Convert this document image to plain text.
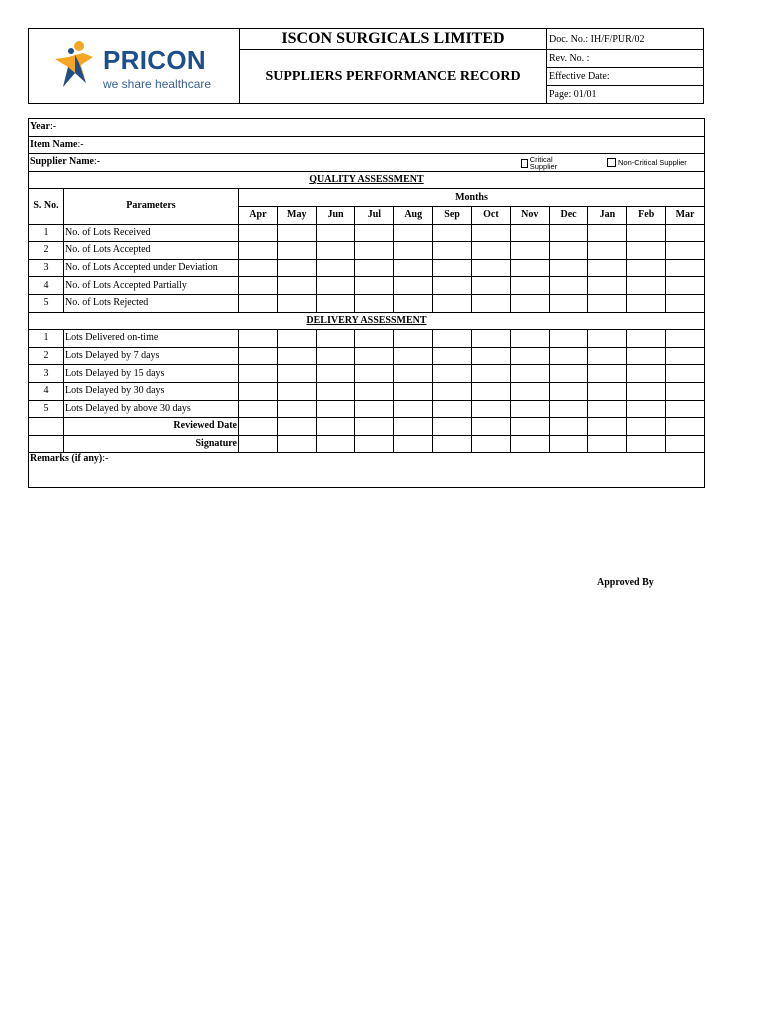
PRICON
we share healthcare	ISCON SURGICALS LIMITED	Doc. No.: IH/F/PUR/02
	SUPPLIERS PERFORMANCE RECORD	Rev. No. :
		Effective Date:
		Page: 01/01
Year:-													
Item Name:-													
Supplier Name:- Critical Supplier Non-Critical Supplier													

QUALITY ASSESSMENT													
S. No.	Parameters	Months											
		Apr	May	Jun	Jul	Aug	Sep	Oct	Nov	Dec	Jan	Feb	Mar
1	No. of Lots Received												
2	No. of Lots Accepted												
3	No. of Lots Accepted under Deviation												
4	No. of Lots Accepted Partially												
5	No. of Lots Rejected												
DELIVERY ASSESSMENT													
1	Lots Delivered on-time												
2	Lots Delayed by 7 days												
3	Lots Delayed by 15 days												
4	Lots Delayed by 30 days												
5	Lots Delayed by above 30 days												
	Reviewed Date												
	Signature												
Remarks (if any):-													
Approved By
